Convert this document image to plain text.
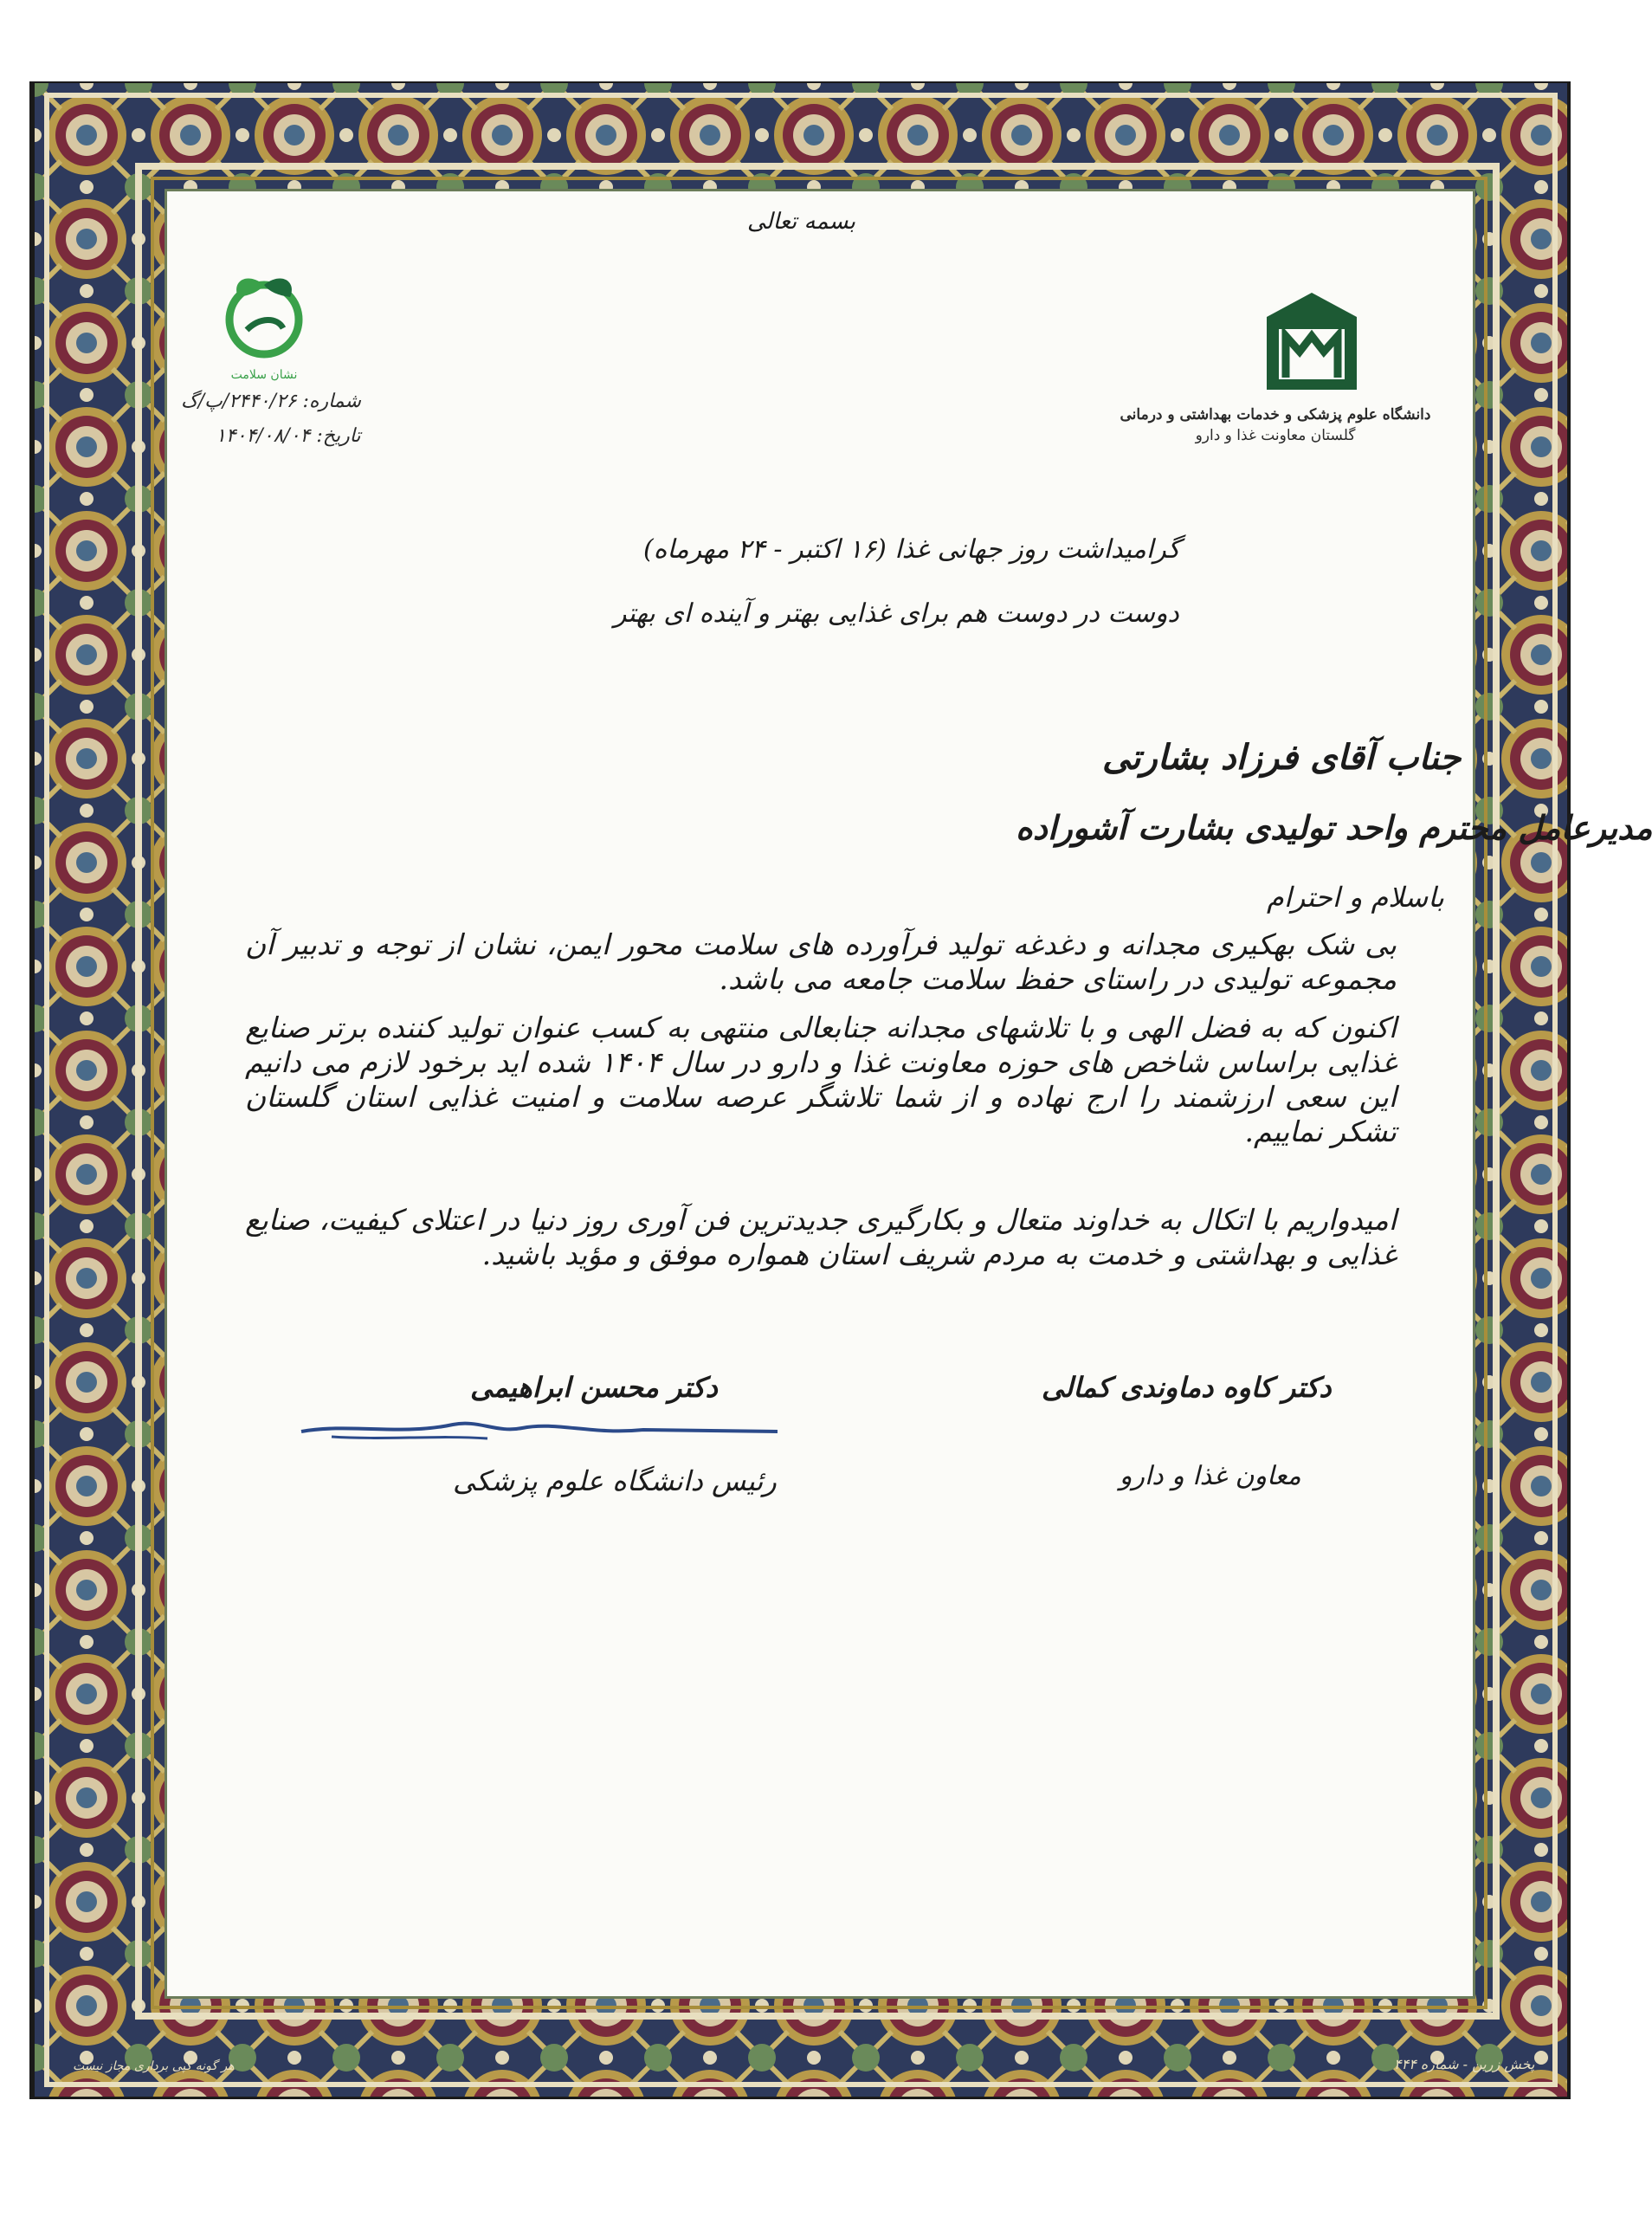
بسمه تعالی
نشان سلامت
شماره: ۲۴۴۰/۲۶/پ/گ
تاریخ: ۱۴۰۴/۰۸/۰۴
دانشگاه علوم پزشکی و خدمات بهداشتی و درمانی
گلستان معاونت غذا و دارو
گرامیداشت روز جهانی غذا (۱۶ اکتبر - ۲۴ مهرماه)
دوست در دوست هم برای غذایی بهتر و آینده ای بهتر
جناب آقای فرزاد بشارتی
مدیرعامل محترم واحد تولیدی بشارت آشوراده
باسلام و احترام
بی شک بهکیری مجدانه و دغدغه تولید فرآورده های سلامت محور ایمن، نشان از توجه و تدبیر آن مجموعه تولیدی در راستای حفظ سلامت جامعه می باشد.
اکنون که به فضل الهی و با تلاشهای مجدانه جنابعالی منتهی به کسب عنوان تولید کننده برتر صنایع غذایی براساس شاخص های حوزه معاونت غذا و دارو در سال ۱۴۰۴ شده اید برخود لازم می دانیم این سعی ارزشمند را ارج نهاده و از شما تلاشگر عرصه سلامت و امنیت غذایی استان گلستان تشکر نماییم.
امیدواریم با اتکال به خداوند متعال و بکارگیری جدیدترین فن آوری روز دنیا در اعتلای کیفیت، صنایع غذایی و بهداشتی و خدمت به مردم شریف استان همواره موفق و مؤید باشید.
دکتر کاوه دماوندی کمالی
معاون غذا و دارو
دکتر محسن ابراهیمی
رئیس دانشگاه علوم پزشکی
پخش زرین - شماره ۴۴۴
هر گونه کپی برداری مجاز نیست
